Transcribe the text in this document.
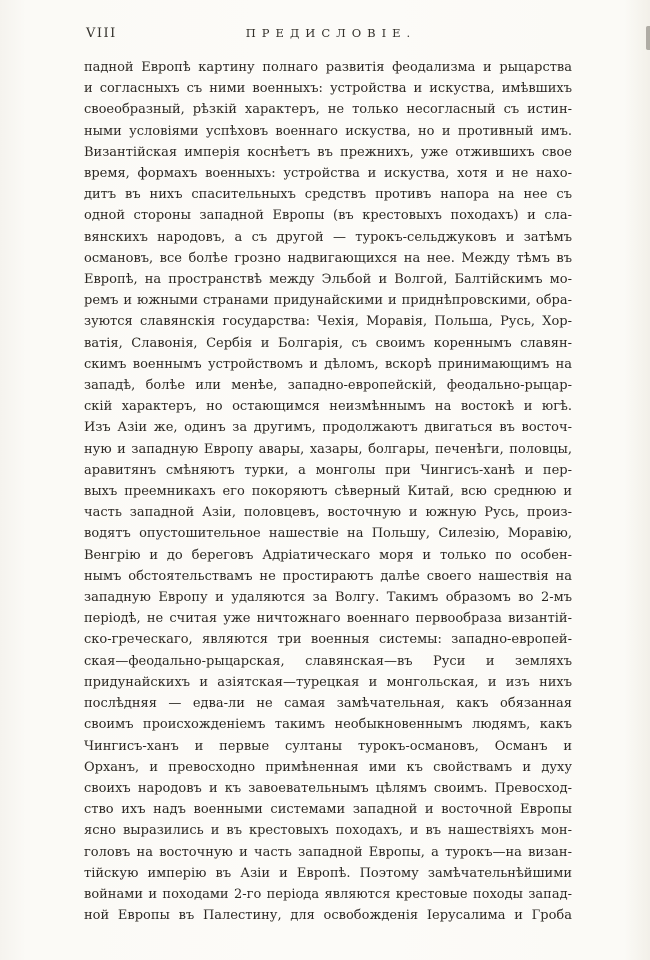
VIII	ПРЕДИСЛОВІЕ.
падной Европѣ картину полнаго развитія феодализма и рыцарства
и согласныхъ съ ними военныхъ: устройства и искуства, имѣвшихъ
своеобразный, рѣзкій характеръ, не только несогласный съ истин-
ными условіями успѣховъ военнаго искуства, но и противный имъ.
Византійская имперія коснѣетъ въ прежнихъ, уже отжившихъ свое
время, формахъ военныхъ: устройства и искуства, хотя и не нахо-
дитъ въ нихъ спасительныхъ средствъ противъ напора на нее съ
одной стороны западной Европы (въ крестовыхъ походахъ) и сла-
вянскихъ народовъ, а съ другой — турокъ-сельджуковъ и затѣмъ
османовъ, все болѣе грозно надвигающихся на нее. Между тѣмъ въ
Европѣ, на пространствѣ между Эльбой и Волгой, Балтійскимъ мо-
ремъ и южными странами придунайскими и приднѣпровскими, обра-
зуются славянскія государства: Чехія, Моравія, Польша, Русь, Хор-
ватія, Славонія, Сербія и Болгарія, съ своимъ кореннымъ славян-
скимъ военнымъ устройствомъ и дѣломъ, вскорѣ принимающимъ на
западѣ, болѣе или менѣе, западно-европейскій, феодально-рыцар-
скій характеръ, но остающимся неизмѣннымъ на востокѣ и югѣ.
Изъ Азіи же, одинъ за другимъ, продолжаютъ двигаться въ восточ-
ную и западную Европу авары, хазары, болгары, печенѣги, половцы,
аравитянъ смѣняютъ турки, а монголы при Чингисъ-ханѣ и пер-
выхъ преемникахъ его покоряютъ сѣверный Китай, всю среднюю и
часть западной Азіи, половцевъ, восточную и южную Русь, произ-
водятъ опустошительное нашествіе на Польшу, Силезію, Моравію,
Венгрію и до береговъ Адріатическаго моря и только по особен-
нымъ обстоятельствамъ не простираютъ далѣе своего нашествія на
западную Европу и удаляются за Волгу. Такимъ образомъ во 2-мъ
періодѣ, не считая уже ничтожнаго военнаго первообраза византій-
ско-греческаго, являются три военныя системы: западно-европей-
ская—феодально-рыцарская, славянская—въ Руси и земляхъ
придунайскихъ и азіятская—турецкая и монгольская, и изъ нихъ
послѣдняя — едва-ли не самая замѣчательная, какъ обязанная
своимъ происхожденіемъ такимъ необыкновеннымъ людямъ, какъ
Чингисъ-ханъ и первые султаны турокъ-османовъ, Османъ и
Орханъ, и превосходно примѣненная ими къ свойствамъ и духу
своихъ народовъ и къ завоевательнымъ цѣлямъ своимъ. Превосход-
ство ихъ надъ военными системами западной и восточной Европы
ясно выразились и въ крестовыхъ походахъ, и въ нашествіяхъ мон-
головъ на восточную и часть западной Европы, а турокъ—на визан-
тійскую имперію въ Азіи и Европѣ. Поэтому замѣчательнѣйшими
войнами и походами 2-го періода являются крестовые походы запад-
ной Европы въ Палестину, для освобожденія Іерусалима и Гроба
